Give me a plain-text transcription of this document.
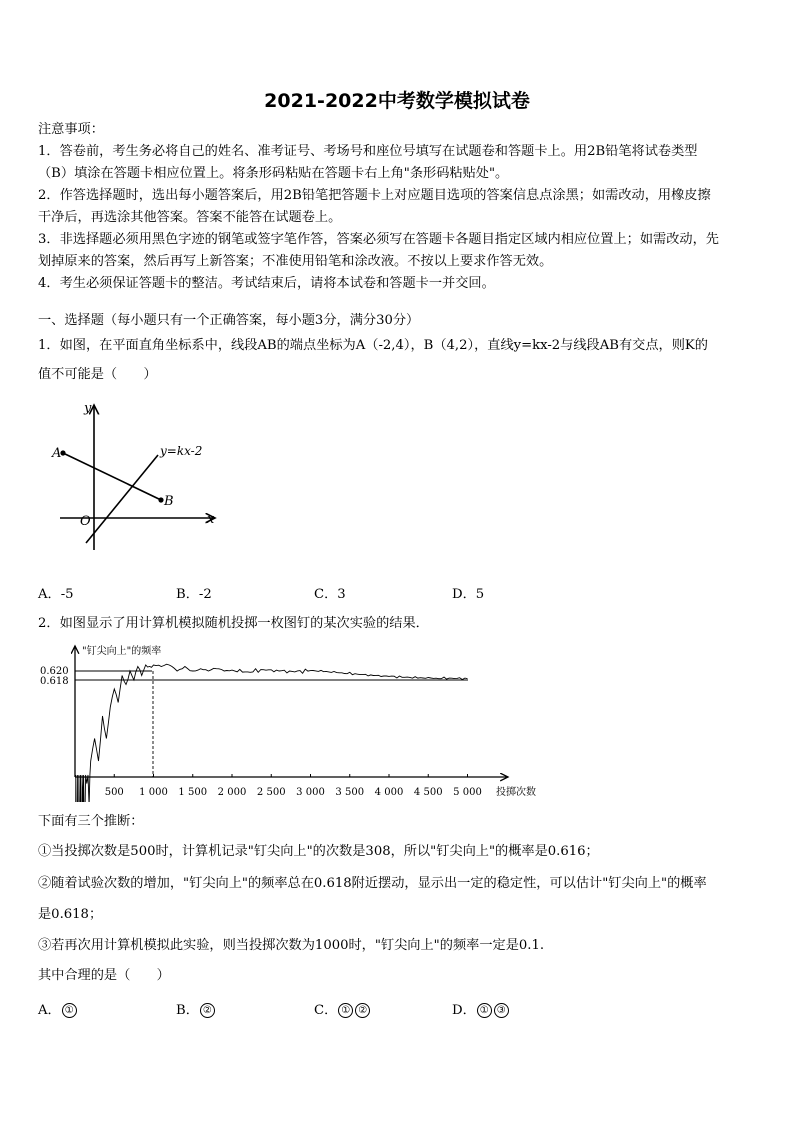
2021-2022中考数学模拟试卷
注意事项：
1．答卷前，考生务必将自己的姓名、准考证号、考场号和座位号填写在试题卷和答题卡上。用2B铅笔将试卷类型
（B）填涂在答题卡相应位置上。将条形码粘贴在答题卡右上角"条形码粘贴处"。
2．作答选择题时，选出每小题答案后，用2B铅笔把答题卡上对应题目选项的答案信息点涂黑；如需改动，用橡皮擦
干净后，再选涂其他答案。答案不能答在试题卷上。
3．非选择题必须用黑色字迹的钢笔或签字笔作答，答案必须写在答题卡各题目指定区域内相应位置上；如需改动，先
划掉原来的答案，然后再写上新答案；不准使用铅笔和涂改液。不按以上要求作答无效。
4．考生必须保证答题卡的整洁。考试结束后，请将本试卷和答题卡一并交回。
一、选择题（每小题只有一个正确答案，每小题3分，满分30分）
1．如图，在平面直角坐标系中，线段AB的端点坐标为A（-2,4），B（4,2），直线y=kx-2与线段AB有交点，则K的
值不可能是（　　）
y
x
O
A
B
y=kx-2
A．-5	B．-2	C．3	D．5
2．如图显示了用计算机模拟随机投掷一枚图钉的某次实验的结果．
500 1 000 1 500 2 000 2 500 3 000 3 500 4 000 4 500 5 000
0.620
0.618
"钉尖向上"的频率
投掷次数
下面有三个推断：
①当投掷次数是500时，计算机记录"钉尖向上"的次数是308，所以"钉尖向上"的概率是0.616；
②随着试验次数的增加，"钉尖向上"的频率总在0.618附近摆动，显示出一定的稳定性，可以估计"钉尖向上"的概率
是0.618；
③若再次用计算机模拟此实验，则当投掷次数为1000时，"钉尖向上"的频率一定是0.1.
其中合理的是（　　）
A． ①	B． ②	C． ① ②	D． ① ③
